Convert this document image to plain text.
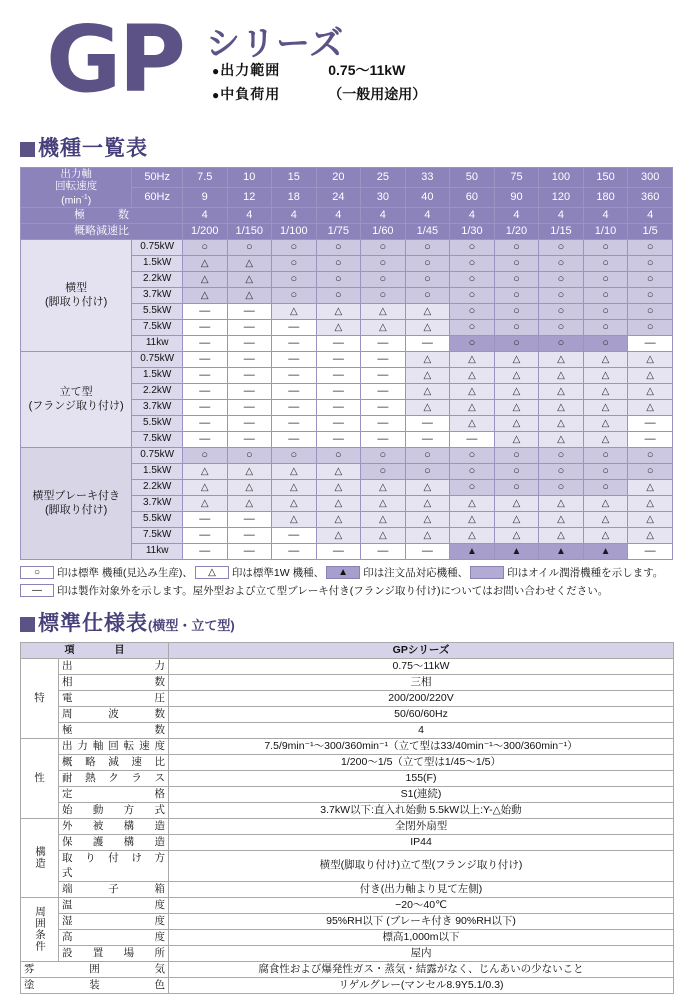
GP シリーズ
● 出力範囲	0.75〜11kW
● 中負荷用	（一般用途用）
機種一覧表
出力軸
回転速度
$(\min^{-1})$	50Hz	7.5	10	15	20	25	33	50	75	100	150	300
	60Hz	9	12	18	24	30	40	60	90	120	180	360
極　　　数		4	4	4	4	4	4	4	4	4	4	4
概略減速比		1/200	1/150	1/100	1/75	1/60	1/45	1/30	1/20	1/15	1/10	1/5

横型
(脚取り付け)	0.75kW	○	○	○	○	○	○	○	○	○	○	○
	1.5kW	△	△	○	○	○	○	○	○	○	○	○
	2.2kW	△	△	○	○	○	○	○	○	○	○	○
	3.7kW	△	△	○	○	○	○	○	○	○	○	○
	5.5kW	—	—	△	△	△	△	○	○	○	○	○
	7.5kW	—	—	—	△	△	△	○	○	○	○	○
	11kw	—	—	—	—	—	—	○	○	○	○	—

立て型
(フランジ取り付け)	0.75kW	—	—	—	—	—	△	△	△	△	△	△
	1.5kW	—	—	—	—	—	△	△	△	△	△	△
	2.2kW	—	—	—	—	—	△	△	△	△	△	△
	3.7kW	—	—	—	—	—	△	△	△	△	△	△
	5.5kW	—	—	—	—	—	—	△	△	△	△	—
	7.5kW	—	—	—	—	—	—	—	△	△	△	—

横型ブレーキ付き
(脚取り付け)	0.75kW	○	○	○	○	○	○	○	○	○	○	○
	1.5kW	△	△	△	△	○	○	○	○	○	○	○
	2.2kW	△	△	△	△	△	△	○	○	○	○	△
	3.7kW	△	△	△	△	△	△	△	△	△	△	△
	5.5kW	—	—	△	△	△	△	△	△	△	△	△
	7.5kW	—	—	—	△	△	△	△	△	△	△	△
	11kw	—	—	—	—	—	—	▲	▲	▲	▲	—
○	印は標準 機種(見込み生産)、	△	印は標準1W 機種、	▲	印は注文品対応機種、	印はオイル潤滑機種を示します。
—	印は製作対象外を示します。屋外型および立て型ブレーキ付き(フランジ取り付け)についてはお問い合わせください。
標準仕様表 (横型・立て型)
項　　　　目		GPシリーズ

特	出　　　　力	0.75〜11kW
	相　　　　数	三相
	電　　　　圧	200/200/220V
	周　波　数	50/60/60Hz
	極　　　　数	4

性	出力軸回転速度	7.5/9min⁻¹〜300/360min⁻¹（立て型は33/40min⁻¹〜300/360min⁻¹）
	概　略　減　速　比	1/200〜1/5（立て型は1/45〜1/5）
	耐　熱　ク　ラ　ス	155(F)
	定　　　　格	S1(連続)
	始　動　方　式	3.7kW以下:直入れ始動 5.5kW以上:Y-△始動

構造	外　被　構　造	全閉外扇型
	保　護　構　造	IP44
	取　り　付　け　方　式	横型(脚取り付け)立て型(フランジ取り付け)
	端　子　箱	付き(出力軸より見て左側)

周囲条件	温　　　　度	−20〜40℃
	湿　　　　度	95%RH以下 (ブレーキ付き 90%RH以下)
	高　　　　度	標高1,000m以下
	設　置　場　所	屋内
雰　　囲　　気		腐食性および爆発性ガス・蒸気・結露がなく、じんあいの少ないこと
塗　　装　　色		リゲルグレー(マンセル8.9Y5.1/0.3)
